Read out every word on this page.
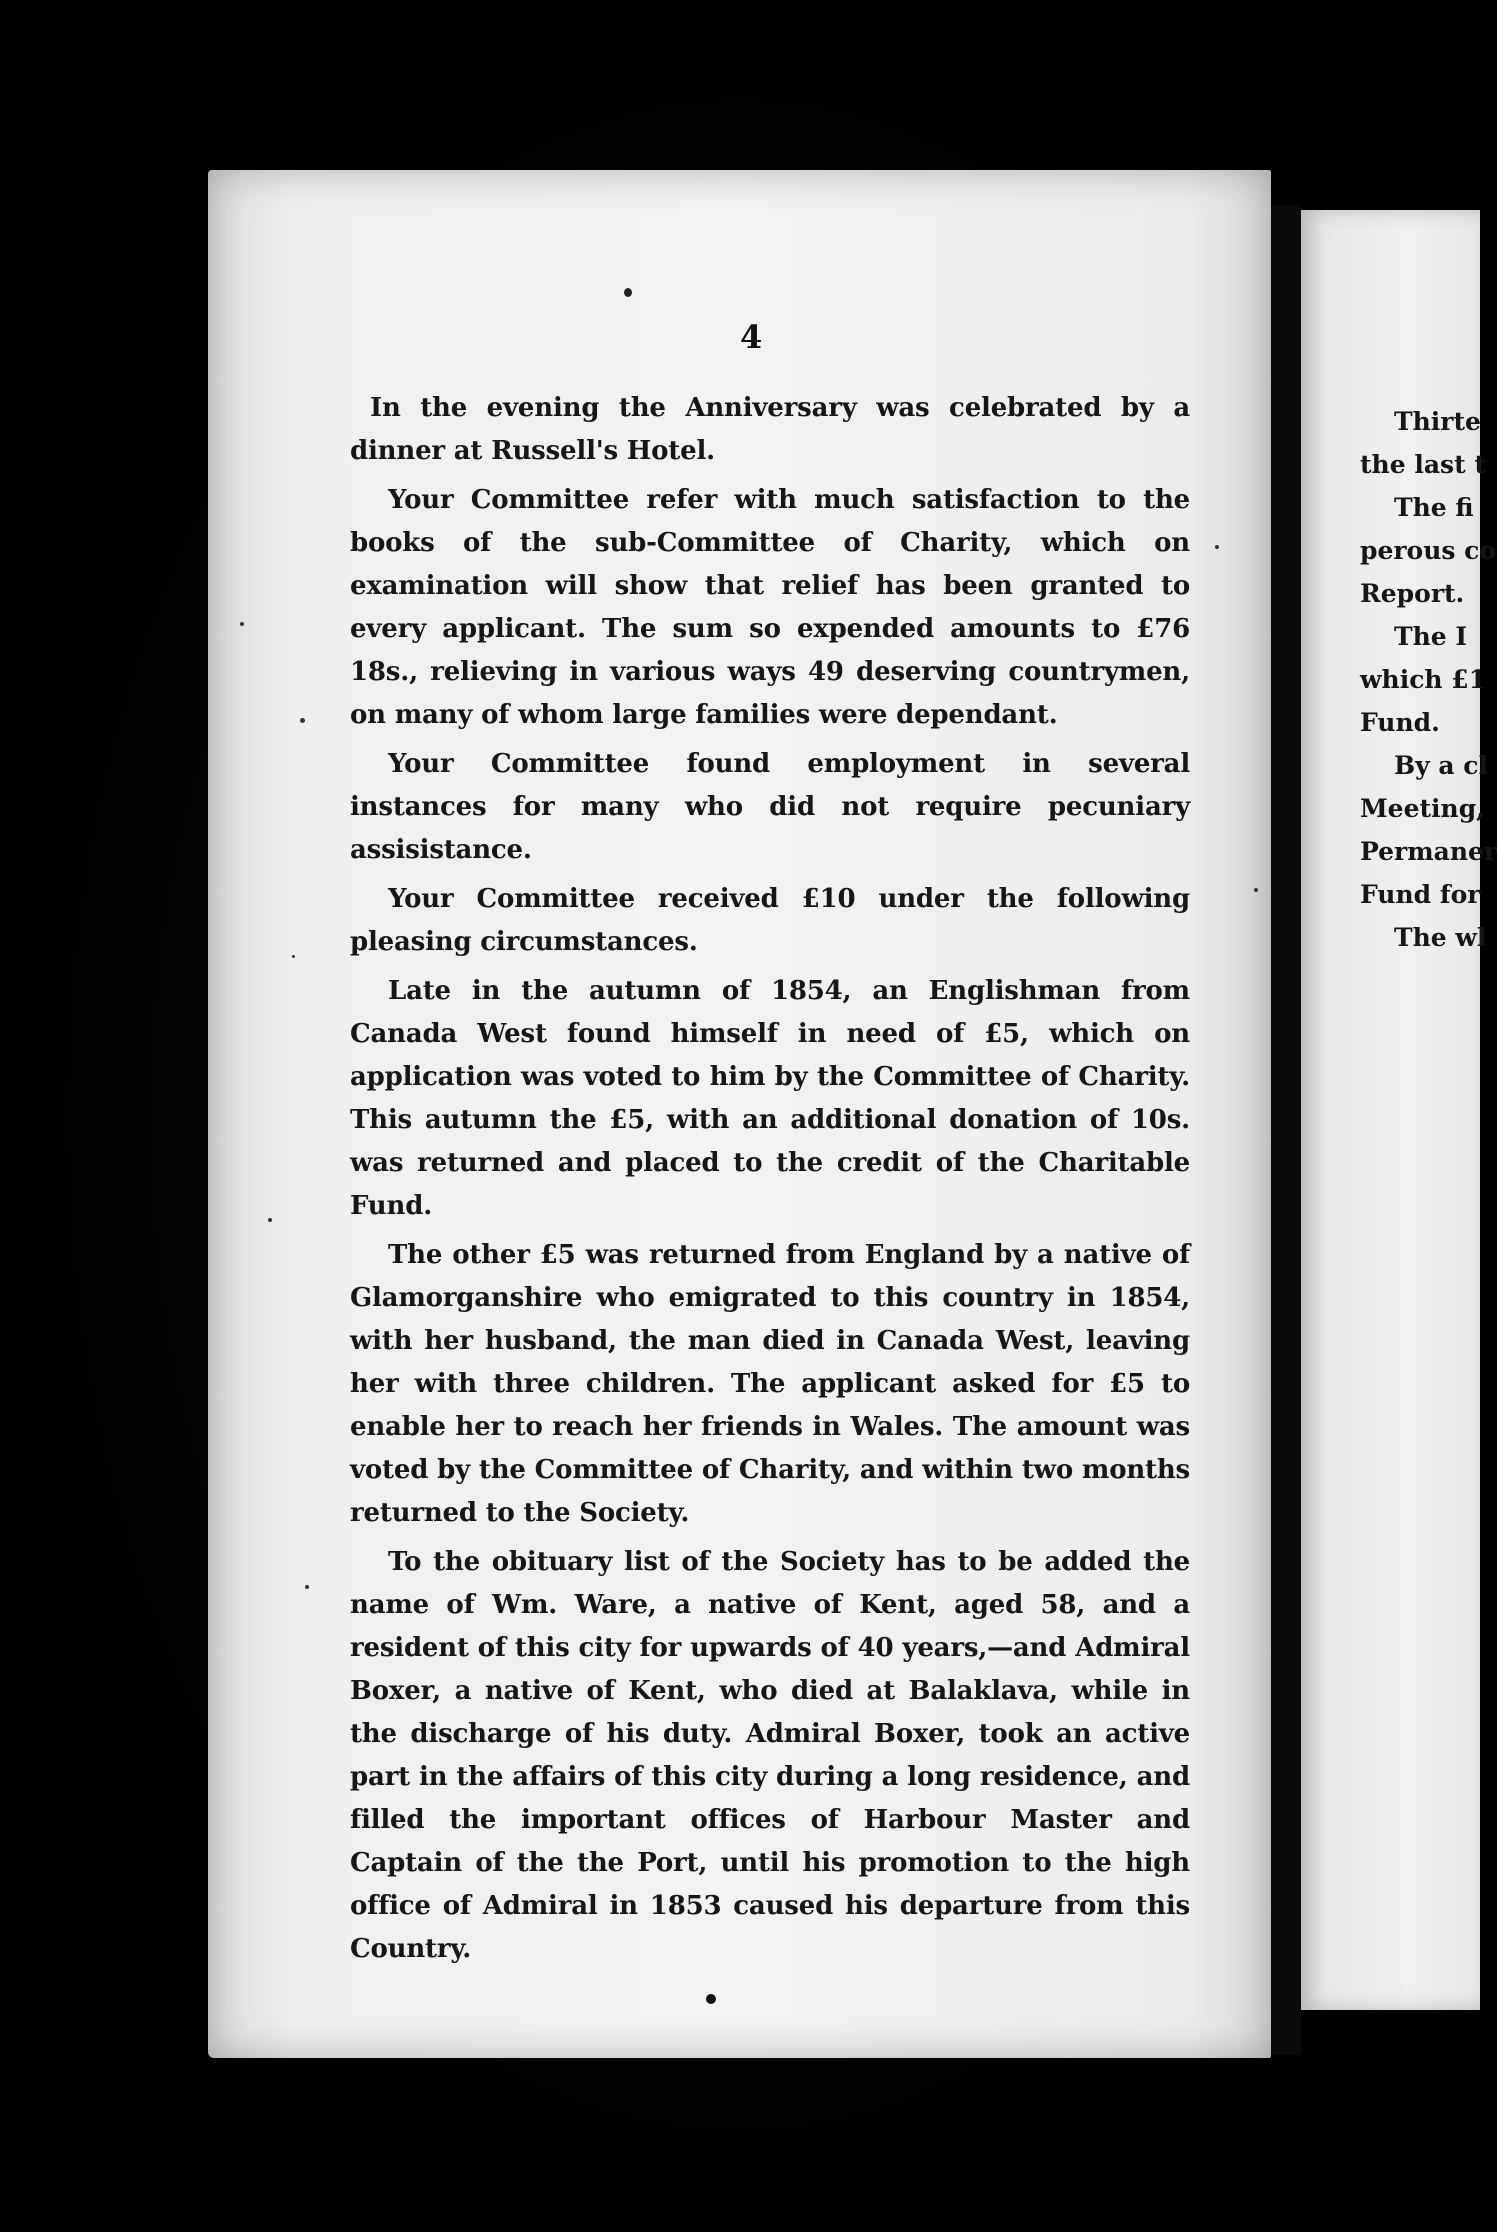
4

In the evening the Anniversary was celebrated by a dinner at Russell's Hotel.

Your Committee refer with much satisfaction to the books of the sub-Committee of Charity, which on examination will show that relief has been granted to every applicant. The sum so expended amounts to £76 18s., relieving in various ways 49 deserving countrymen, on many of whom large families were dependant.

Your Committee found employment in several instances for many who did not require pecuniary assisistance.

Your Committee received £10 under the following pleasing circumstances.

Late in the autumn of 1854, an Englishman from Canada West found himself in need of £5, which on application was voted to him by the Committee of Charity. This autumn the £5, with an additional donation of 10s. was returned and placed to the credit of the Charitable Fund.

The other £5 was returned from England by a native of Glamorganshire who emigrated to this country in 1854, with her husband, the man died in Canada West, leaving her with three children. The applicant asked for £5 to enable her to reach her friends in Wales. The amount was voted by the Committee of Charity, and within two months returned to the Society.

To the obituary list of the Society has to be added the name of Wm. Ware, a native of Kent, aged 58, and a resident of this city for upwards of 40 years,—and Admiral Boxer, a native of Kent, who died at Balaklava, while in the discharge of his duty. Admiral Boxer, took an active part in the affairs of this city during a long residence, and filled the important offices of Harbour Master and Captain of the the Port, until his promotion to the high office of Admiral in 1853 caused his departure from this Country.

Thirte
the last t
The fi
perous co
Report.
The I
which £1
Fund.
By a cl
Meeting,
Permaner
Fund for
The wl
